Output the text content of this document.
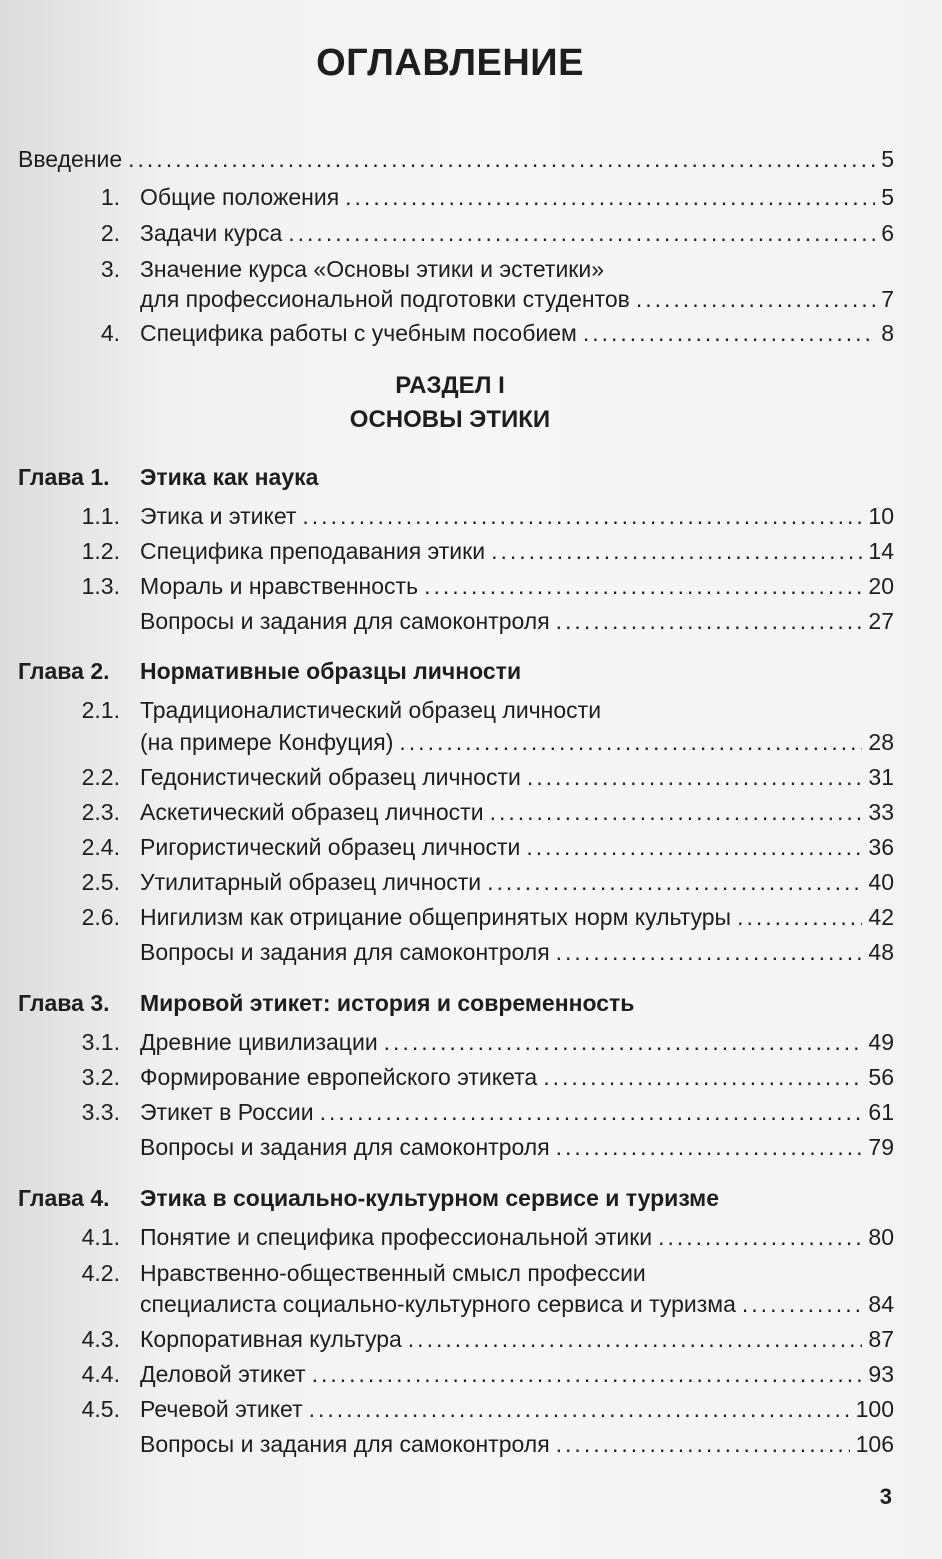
ОГЛАВЛЕНИЕ
Введение .....	5
1. Общие положения .....	5
2. Задачи курса .....	6
3. Значение курса «Основы этики и эстетики»
для профессиональной подготовки студентов .....	7
4. Специфика работы с учебным пособием .....	8
РАЗДЕЛ I
ОСНОВЫ ЭТИКИ
Глава 1. Этика как наука
1.1. Этика и этикет .....	10
1.2. Специфика преподавания этики .....	14
1.3. Мораль и нравственность .....	20
Вопросы и задания для самоконтроля .....	27
Глава 2. Нормативные образцы личности
2.1. Традиционалистический образец личности
(на примере Конфуция) .....	28
2.2. Гедонистический образец личности .....	31
2.3. Аскетический образец личности .....	33
2.4. Ригористический образец личности .....	36
2.5. Утилитарный образец личности .....	40
2.6. Нигилизм как отрицание общепринятых норм культуры .....	42
Вопросы и задания для самоконтроля .....	48
Глава 3. Мировой этикет: история и современность
3.1. Древние цивилизации .....	49
3.2. Формирование европейского этикета .....	56
3.3. Этикет в России .....	61
Вопросы и задания для самоконтроля .....	79
Глава 4. Этика в социально-культурном сервисе и туризме
4.1. Понятие и специфика профессиональной этики .....	80
4.2. Нравственно-общественный смысл профессии
специалиста социально-культурного сервиса и туризма .....	84
4.3. Корпоративная культура .....	87
4.4. Деловой этикет .....	93
4.5. Речевой этикет .....	100
Вопросы и задания для самоконтроля .....	106
3
